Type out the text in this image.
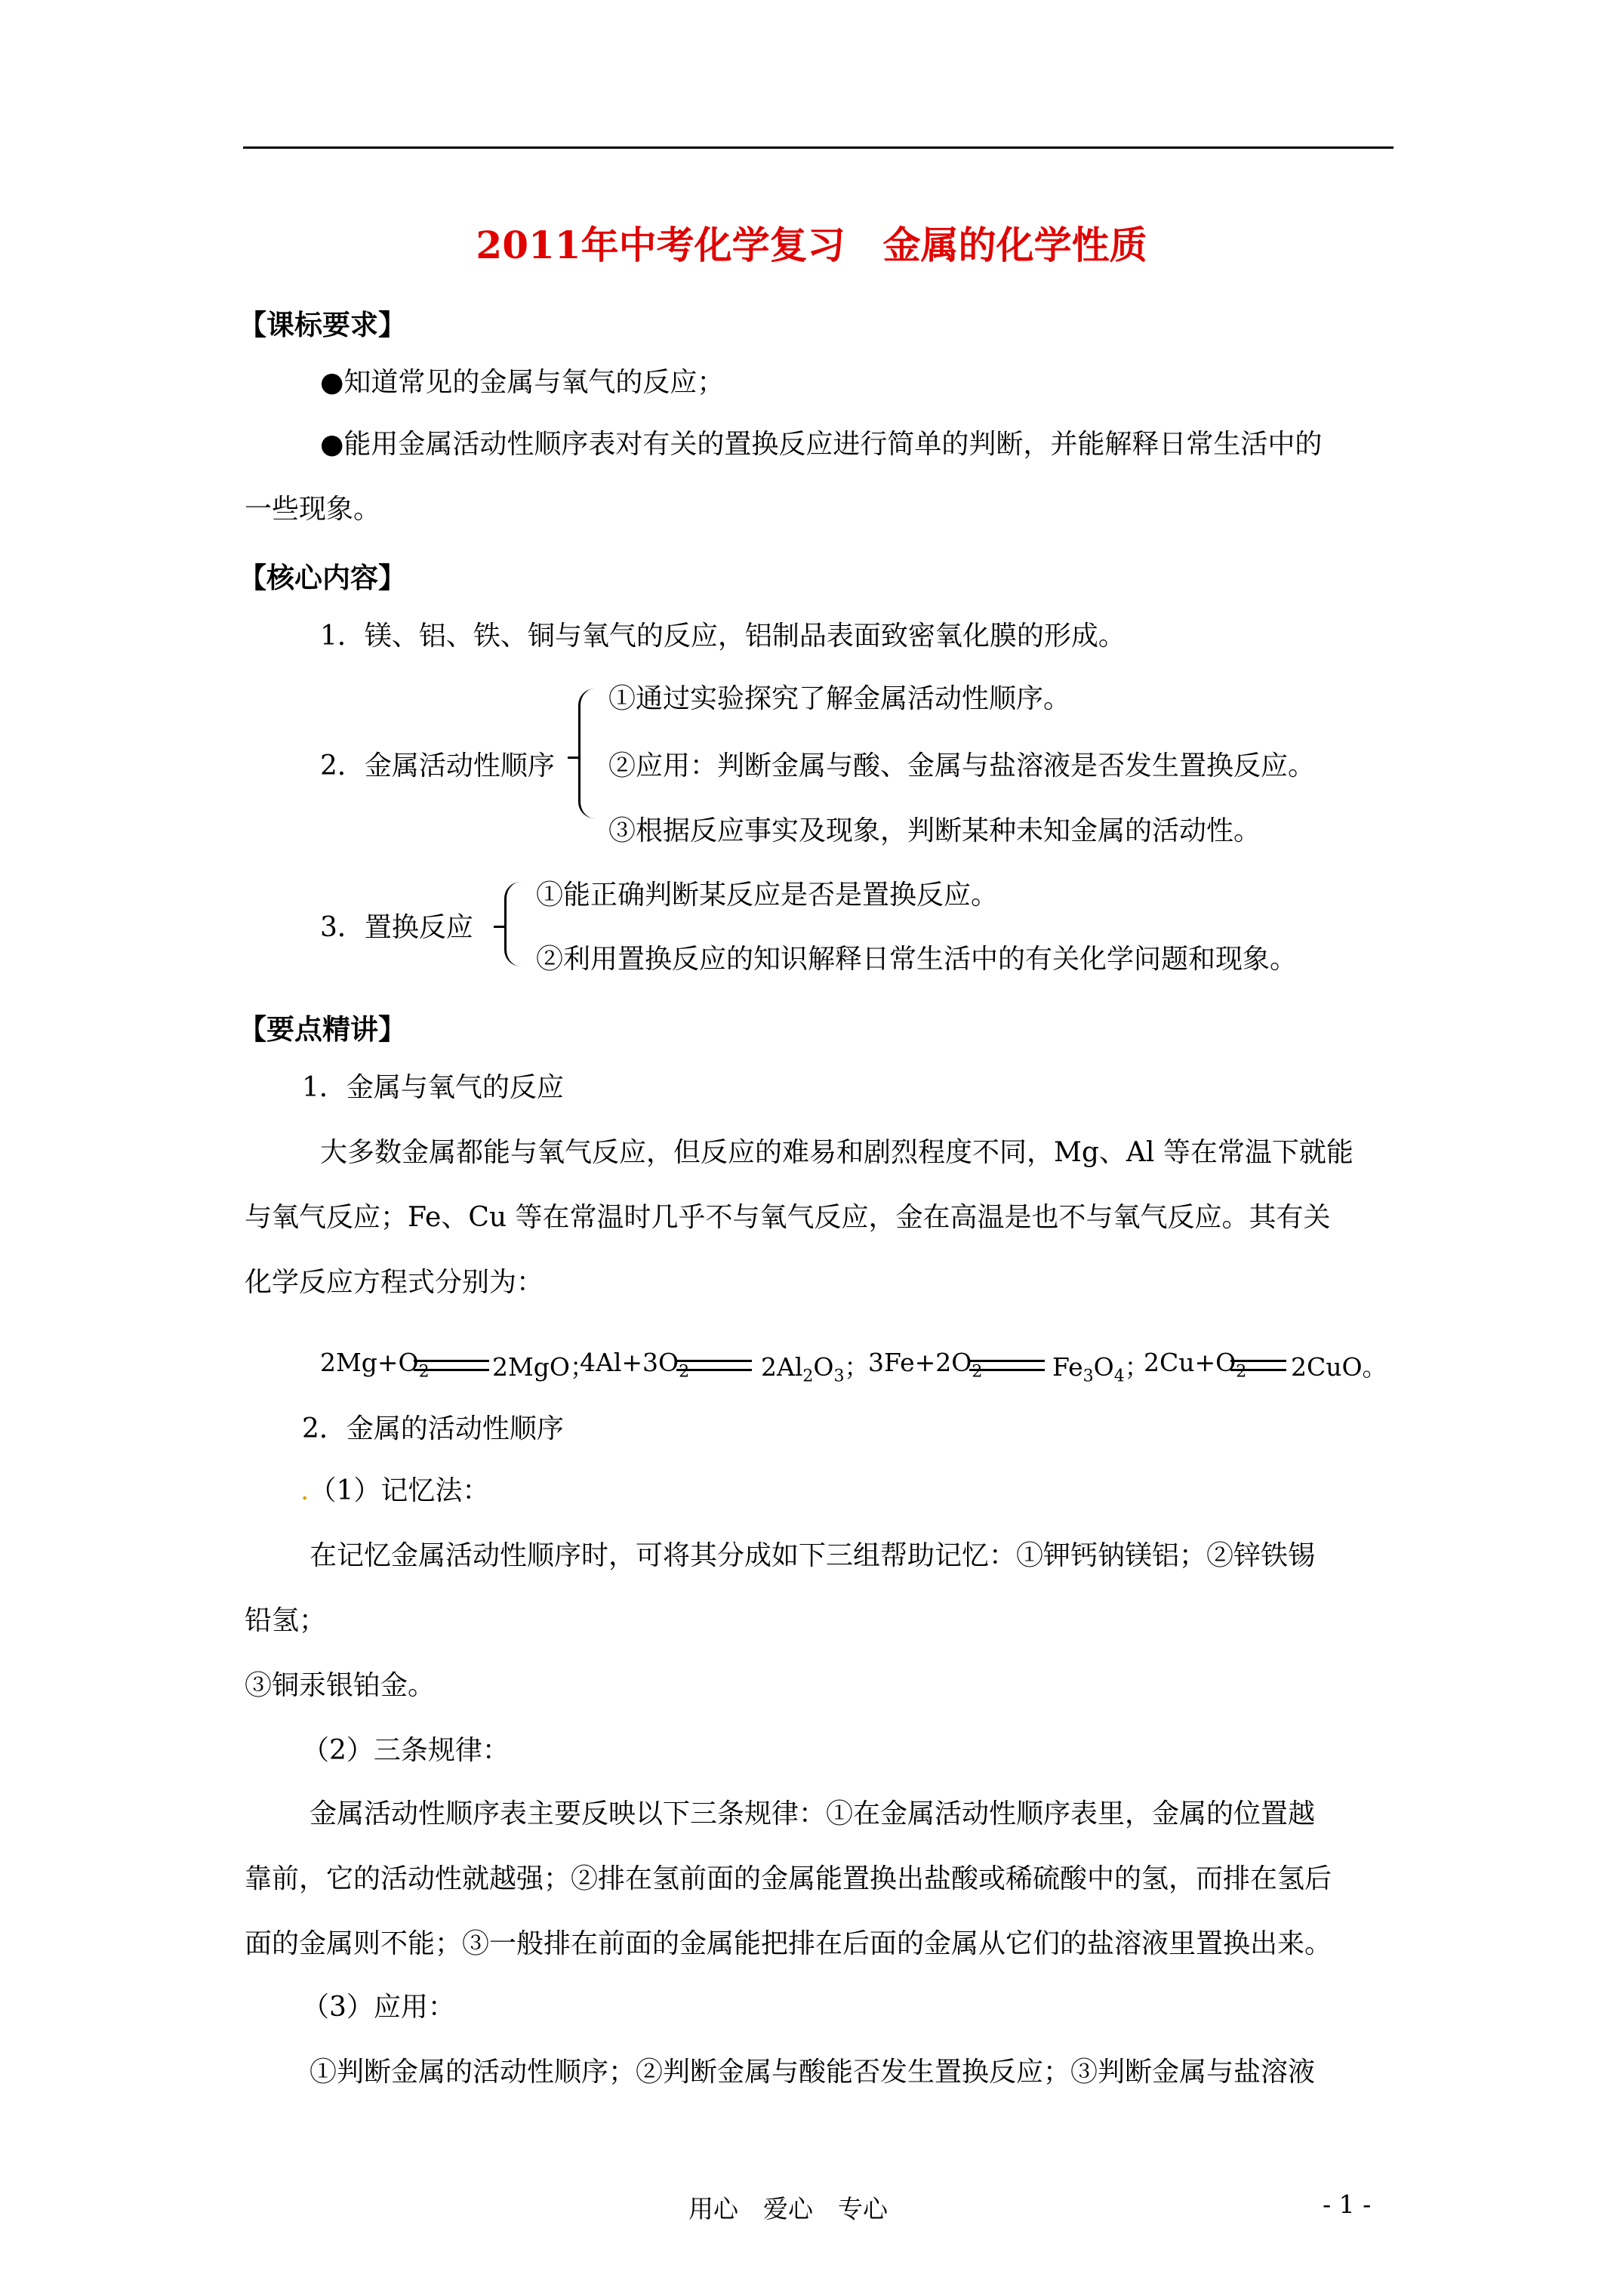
2011年中考化学复习　金属的化学性质
【课标要求】
●知道常见的金属与氧气的反应；
●能用金属活动性顺序表对有关的置换反应进行简单的判断，并能解释日常生活中的
一些现象。
【核心内容】
1．镁、铝、铁、铜与氧气的反应，铝制品表面致密氧化膜的形成。
2．金属活动性顺序
①通过实验探究了解金属活动性顺序。
②应用：判断金属与酸、金属与盐溶液是否发生置换反应。
③根据反应事实及现象，判断某种未知金属的活动性。
3．置换反应
①能正确判断某反应是否是置换反应。
②利用置换反应的知识解释日常生活中的有关化学问题和现象。
【要点精讲】
1．金属与氧气的反应
大多数金属都能与氧气反应，但反应的难易和剧烈程度不同，Mg、Al 等在常温下就能
与氧气反应；Fe、Cu 等在常温时几乎不与氧气反应，金在高温是也不与氧气反应。其有关
化学反应方程式分别为：
$2Mg+O_2$	2MgO；
$4Al+3O_2$	$2Al_2O_3$；
$3Fe+2O_2$	$Fe_3O_4$；
$2Cu+O_2$ 2CuO。
2．金属的活动性顺序
.（1）记忆法：
在记忆金属活动性顺序时，可将其分成如下三组帮助记忆：①钾钙钠镁铝；②锌铁锡
铅氢；
③铜汞银铂金。
（2）三条规律：
金属活动性顺序表主要反映以下三条规律：①在金属活动性顺序表里，金属的位置越
靠前，它的活动性就越强；②排在氢前面的金属能置换出盐酸或稀硫酸中的氢，而排在氢后
面的金属则不能；③一般排在前面的金属能把排在后面的金属从它们的盐溶液里置换出来。
（3）应用：
①判断金属的活动性顺序；②判断金属与酸能否发生置换反应；③判断金属与盐溶液
用心　爱心　专心	- 1 -
